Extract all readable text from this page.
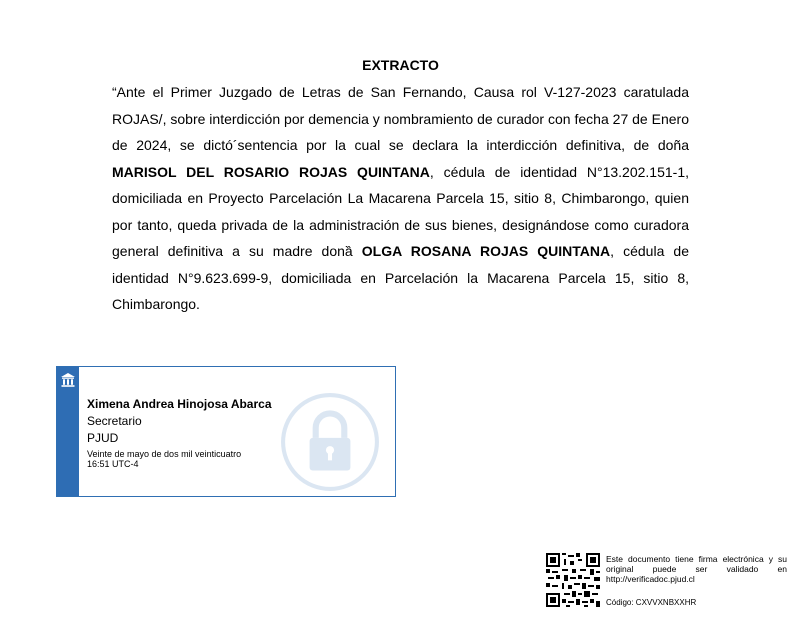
EXTRACTO
“Ante el Primer Juzgado de Letras de San Fernando, Causa rol V-127-2023 caratulada ROJAS/, sobre interdicción por demencia y nombramiento de curador con fecha 27 de Enero de 2024, se dictó´sentencia por la cual se declara la interdicción definitiva, de doña MARISOL DEL ROSARIO ROJAS QUINTANA, cédula de identidad N°13.202.151-1, domiciliada en Proyecto Parcelación La Macarena Parcela 15, sitio 8, Chimbarongo, quien por tanto, queda privada de la administración de sus bienes, designándose como curadora general definitiva a su madre donȁ OLGA ROSANA ROJAS QUINTANA, cédula de identidad N°9.623.699-9, domiciliada en Parcelación la Macarena Parcela 15, sitio 8, Chimbarongo.
Ximena Andrea Hinojosa Abarca
Secretario
PJUD
Veinte de mayo de dos mil veinticuatro
16:51 UTC-4
Este documento tiene firma electrónica y su original puede ser validado en http://verificadoc.pjud.cl
Código: CXVVXNBXXHR
